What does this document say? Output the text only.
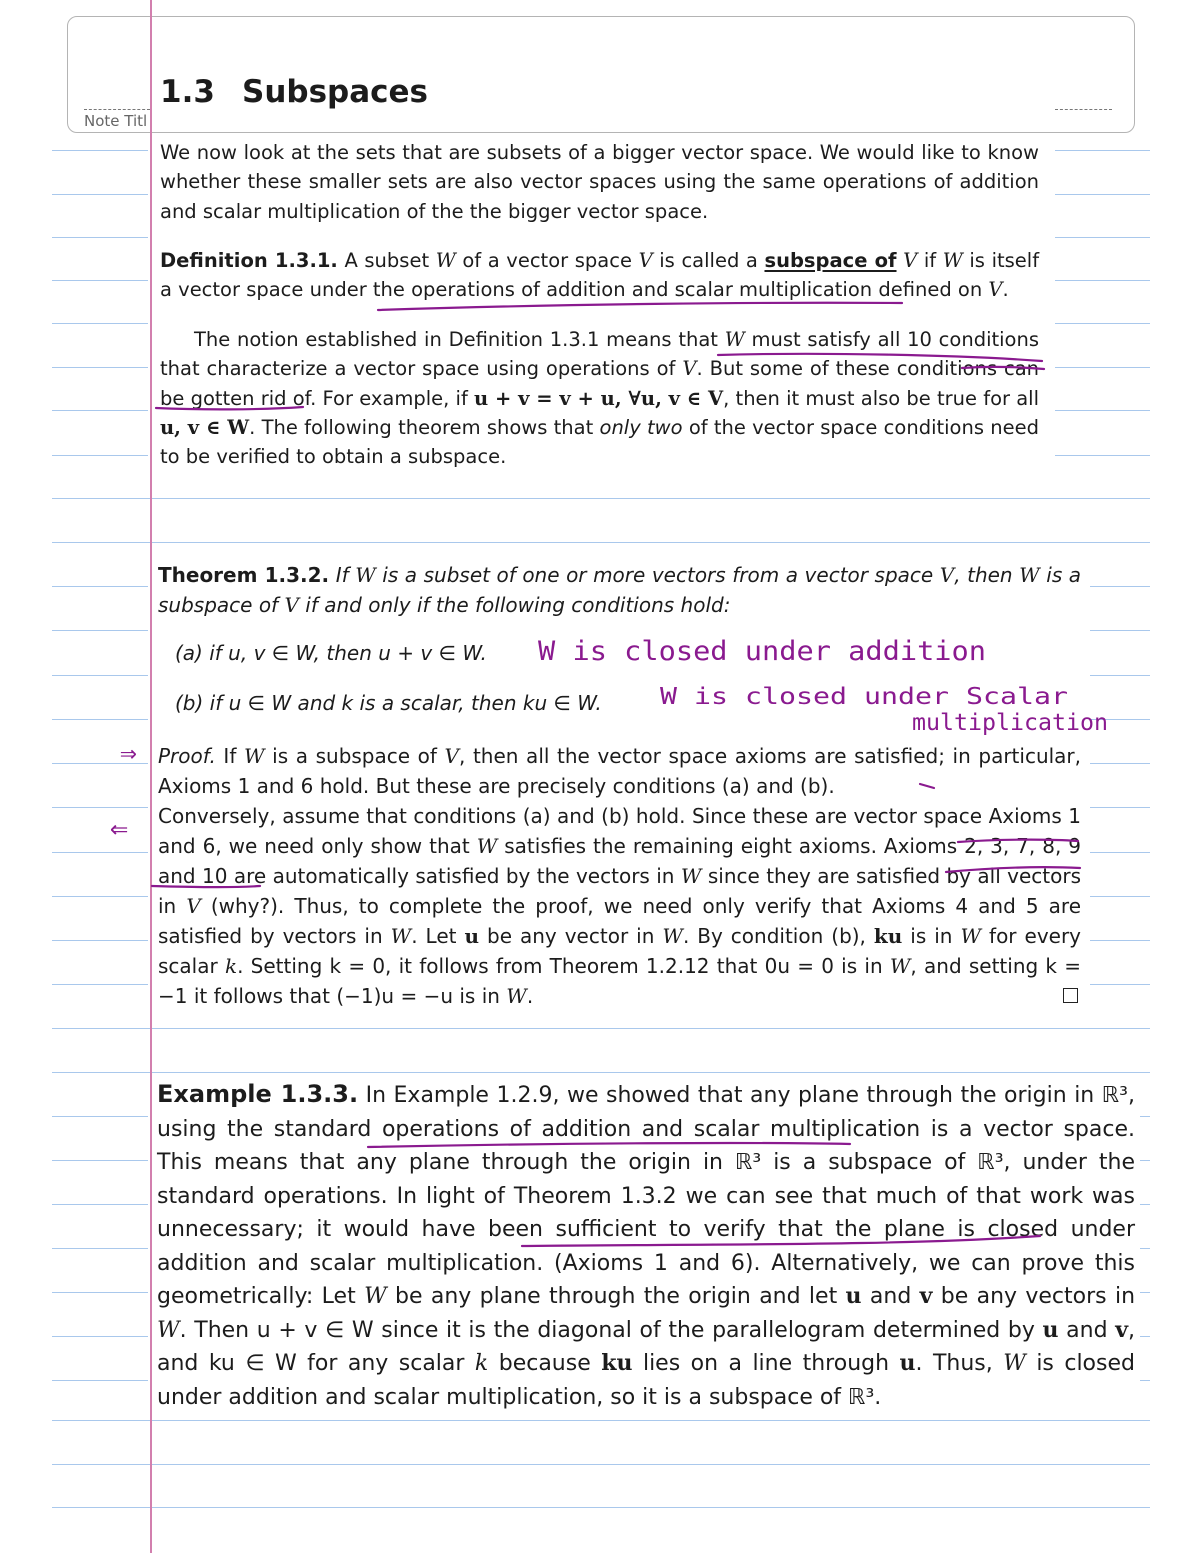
Note Titl
1.3 Subspaces

We now look at the sets that are subsets of a bigger vector space. We would like to know whether these smaller sets are also vector spaces using the same operations of addition and scalar multiplication of the the bigger vector space.

Definition 1.3.1. A subset W of a vector space V is called a subspace of V if W is itself a vector space under the operations of addition and scalar multiplication defined on V.

The notion established in Definition 1.3.1 means that W must satisfy all 10 conditions that characterize a vector space using operations of V. But some of these conditions can be gotten rid of. For example, if u + v = v + u, ∀u, v ∈ V, then it must also be true for all u, v ∈ W. The following theorem shows that only two of the vector space conditions need to be verified to obtain a subspace.

Theorem 1.3.2. If W is a subset of one or more vectors from a vector space V, then W is a subspace of V if and only if the following conditions hold:

(a) if u, v ∈ W, then u + v ∈ W.
(b) if u ∈ W and k is a scalar, then ku ∈ W.

Proof. If W is a subspace of V, then all the vector space axioms are satisfied; in particular, Axioms 1 and 6 hold. But these are precisely conditions (a) and (b).

Conversely, assume that conditions (a) and (b) hold. Since these are vector space Axioms 1 and 6, we need only show that W satisfies the remaining eight axioms. Axioms 2, 3, 7, 8, 9 and 10 are automatically satisfied by the vectors in W since they are satisfied by all vectors in V (why?). Thus, to complete the proof, we need only verify that Axioms 4 and 5 are satisfied by vectors in W. Let u be any vector in W. By condition (b), ku is in W for every scalar k. Setting k = 0, it follows from Theorem 1.2.12 that 0u = 0 is in W, and setting k = −1 it follows that (−1)u = −u is in W.

Example 1.3.3. In Example 1.2.9, we showed that any plane through the origin in ℝ³, using the standard operations of addition and scalar multiplication is a vector space. This means that any plane through the origin in ℝ³ is a subspace of ℝ³, under the standard operations. In light of Theorem 1.3.2 we can see that much of that work was unnecessary; it would have been sufficient to verify that the plane is closed under addition and scalar multiplication. (Axioms 1 and 6). Alternatively, we can prove this geometrically: Let W be any plane through the origin and let u and v be any vectors in W. Then u + v ∈ W since it is the diagonal of the parallelogram determined by u and v, and ku ∈ W for any scalar k because ku lies on a line through u. Thus, W is closed under addition and scalar multiplication, so it is a subspace of ℝ³.

W is closed under addition
W is closed under Scalar
multiplication
⇒
⇐
